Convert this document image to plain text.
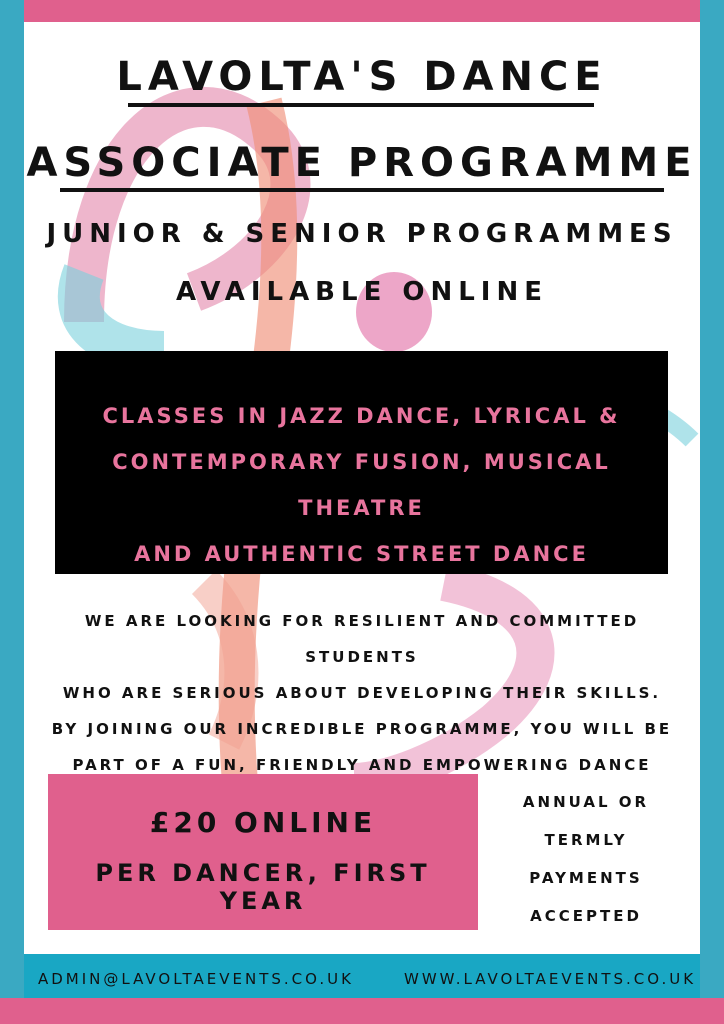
LAVOLTA'S DANCE
ASSOCIATE PROGRAMME
JUNIOR & SENIOR PROGRAMMES
AVAILABLE ONLINE
CLASSES IN JAZZ DANCE, LYRICAL &
CONTEMPORARY FUSION, MUSICAL THEATRE
AND AUTHENTIC STREET DANCE
WE ARE LOOKING FOR RESILIENT AND COMMITTED STUDENTS
WHO ARE SERIOUS ABOUT DEVELOPING THEIR SKILLS.
BY JOINING OUR INCREDIBLE PROGRAMME, YOU WILL BE
PART OF A FUN, FRIENDLY AND EMPOWERING DANCE
£20 ONLINE
PER DANCER, FIRST YEAR
ANNUAL OR
TERMLY
PAYMENTS
ACCEPTED
ADMIN@LAVOLTAEVENTS.CO.UK	WWW.LAVOLTAEVENTS.CO.UK
